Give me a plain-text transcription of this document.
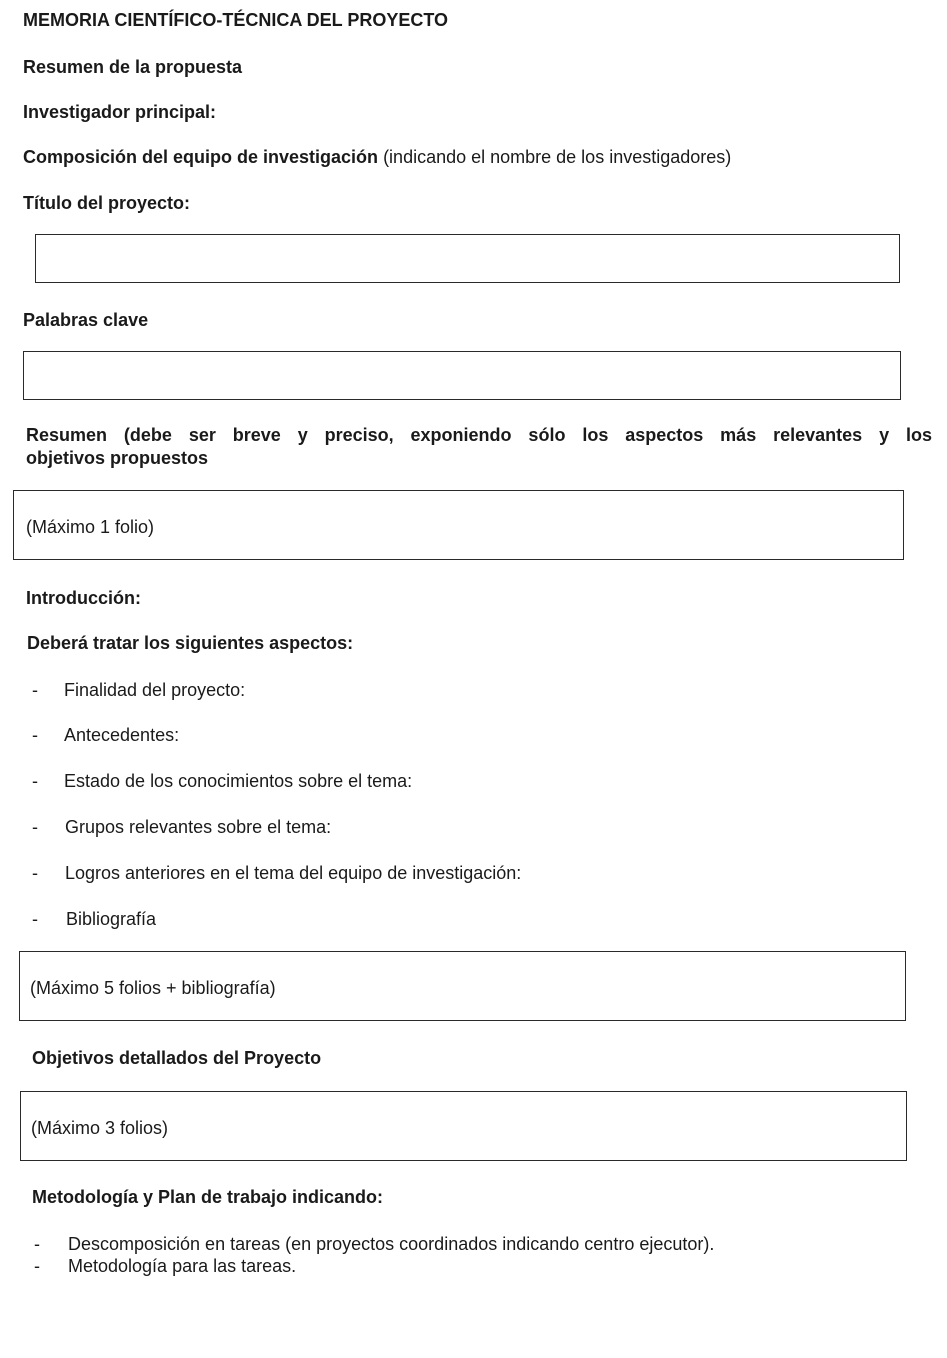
MEMORIA CIENTÍFICO-TÉCNICA DEL PROYECTO
Resumen de la propuesta
Investigador principal:
Composición del equipo de investigación (indicando el nombre de los investigadores)
Título del proyecto:
Palabras clave
Resumen (debe ser breve y preciso, exponiendo sólo los aspectos más relevantes y los
objetivos propuestos
(Máximo 1 folio)
Introducción:
Deberá tratar los siguientes aspectos:
- Finalidad del proyecto:
- Antecedentes:
- Estado de los conocimientos sobre el tema:
- Grupos relevantes sobre el tema:
- Logros anteriores en el tema del equipo de investigación:
- Bibliografía
(Máximo 5 folios + bibliografía)
Objetivos detallados del Proyecto
(Máximo 3 folios)
Metodología y Plan de trabajo indicando:
- Descomposición en tareas (en proyectos coordinados indicando centro ejecutor).
- Metodología para las tareas.
